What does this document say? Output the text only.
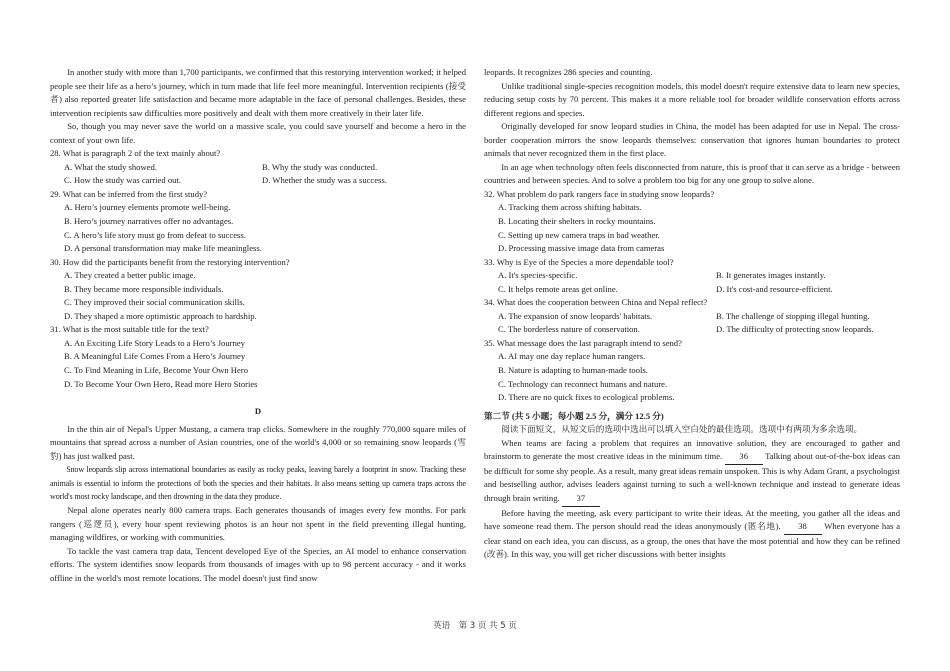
In another study with more than 1,700 participants, we confirmed that this restorying intervention worked; it helped people see their life as a hero’s journey, which in turn made that life feel more meaningful. Intervention recipients (接受者) also reported greater life satisfaction and became more adaptable in the face of personal challenges. Besides, these intervention recipients saw difficulties more positively and dealt with them more creatively in their later life.

So, though you may never save the world on a massive scale, you could save yourself and become a hero in the context of your own life.

28. What is paragraph 2 of the text mainly about?
A. What the study showed.	B. Why the study was conducted.
C. How the study was carried out.	D. Whether the study was a success.
29. What can be inferred from the first study?
A. Hero’s journey elements promote well-being.
B. Hero’s journey narratives offer no advantages.
C. A hero’s life story must go from defeat to success.
D. A personal transformation may make life meaningless.
30. How did the participants benefit from the restorying intervention?
A. They created a better public image.
B. They became more responsible individuals.
C. They improved their social communication skills.
D. They shaped a more optimistic approach to hardship.
31. What is the most suitable title for the text?
A. An Exciting Life Story Leads to a Hero’s Journey
B. A Meaningful Life Comes From a Hero’s Journey
C. To Find Meaning in Life, Become Your Own Hero
D. To Become Your Own Hero, Read more Hero Stories
D

In the thin air of Nepal's Upper Mustang, a camera trap clicks. Somewhere in the roughly 770,000 square miles of mountains that spread across a number of Asian countries, one of the world's 4,000 or so remaining snow leopards (雪豹) has just walked past.

Snow leopards slip across international boundaries as easily as rocky peaks, leaving barely a footprint in snow. Tracking these animals is essential to inform the protections of both the species and their habitats. It also means setting up camera traps across the world's most rocky landscape, and then drowning in the data they produce.

Nepal alone operates nearly 800 camera traps. Each generates thousands of images every few months. For park rangers (巡逻员), every hour spent reviewing photos is an hour not spent in the field preventing illegal hunting, managing wildfires, or working with communities.

To tackle the vast camera trap data, Tencent developed Eye of the Species, an AI model to enhance conservation efforts. The system identifies snow leopards from thousands of images with up to 98 percent accuracy - and it works offline in the world's most remote locations. The model doesn't just find snow

leopards. It recognizes 286 species and counting.

Unlike traditional single-species recognition models, this model doesn't require extensive data to learn new species, reducing setup costs by 70 percent. This makes it a more reliable tool for broader wildlife conservation efforts across different regions and species.

Originally developed for snow leopard studies in China, the model has been adapted for use in Nepal. The cross-border cooperation mirrors the snow leopards themselves: conservation that ignores human boundaries to protect animals that never recognized them in the first place.

In an age when technology often feels disconnected from nature, this is proof that it can serve as a bridge - between countries and between species. And to solve a problem too big for any one group to solve alone.

32. What problem do park rangers face in studying snow leopards?
A. Tracking them across shifting habitats.
B. Locating their shelters in rocky mountains.
C. Setting up new camera traps in bad weather.
D. Processing massive image data from cameras
33. Why is Eye of the Species a more dependable tool?
A. It's species-specific.	B. It generates images instantly.
C. It helps remote areas get online.	D. It's cost-and resource-efficient.
34. What does the cooperation between China and Nepal reflect?
A. The expansion of snow leopards' habitats.	B. The challenge of stopping illegal hunting.
C. The borderless nature of conservation.	D. The difficulty of protecting snow leopards.
35. What message does the last paragraph intend to send?
A. AI may one day replace human rangers.
B. Nature is adapting to human-made tools.
C. Technology can reconnect humans and nature.
D. There are no quick fixes to ecological problems.
第二节 (共 5 小题；每小题 2.5 分，满分 12.5 分)

阅读下面短文，从短文后的选项中选出可以填入空白处的最佳选项。选项中有两项为多余选项。

When teams are facing a problem that requires an innovative solution, they are encouraged to gather and brainstorm to generate the most creative ideas in the minimum time. 36 Talking about out-of-the-box ideas can be difficult for some shy people. As a result, many great ideas remain unspoken. This is why Adam Grant, a psychologist and bestselling author, advises leaders against turning to such a well-known technique and instead to generate ideas through brain writing. 37

Before having the meeting, ask every participant to write their ideas. At the meeting, you gather all the ideas and have someone read them. The person should read the ideas anonymously (匿名地). 38 When everyone has a clear stand on each idea, you can discuss, as a group, the ones that have the most potential and how they can be refined (改善). In this way, you will get richer discussions with better insights

英语　第 3 页 共 5 页
